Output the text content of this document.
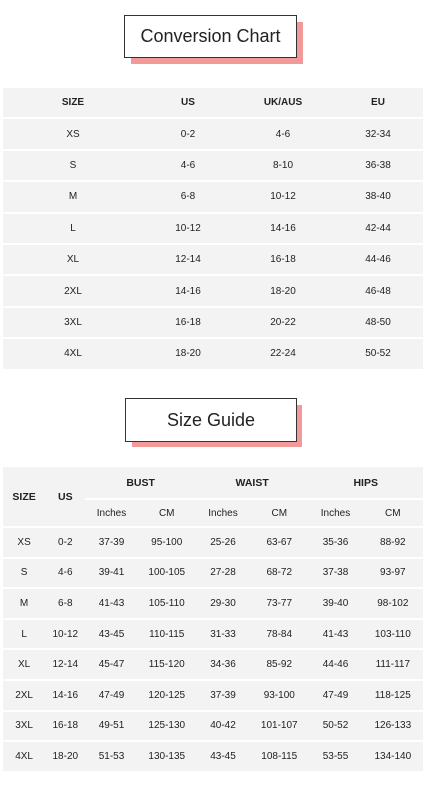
Conversion Chart
SIZE	US	UK/AUS	EU
XS	0-2	4-6	32-34
S	4-6	8-10	36-38
M	6-8	10-12	38-40
L	10-12	14-16	42-44
XL	12-14	16-18	44-46
2XL	14-16	18-20	46-48
3XL	16-18	20-22	48-50
4XL	18-20	22-24	50-52
Size Guide
SIZE	US	BUST		WAIST		HIPS	
		Inches	CM	Inches	CM	Inches	CM
XS	0-2	37-39	95-100	25-26	63-67	35-36	88-92
S	4-6	39-41	100-105	27-28	68-72	37-38	93-97
M	6-8	41-43	105-110	29-30	73-77	39-40	98-102
L	10-12	43-45	110-115	31-33	78-84	41-43	103-110
XL	12-14	45-47	115-120	34-36	85-92	44-46	111-117
2XL	14-16	47-49	120-125	37-39	93-100	47-49	118-125
3XL	16-18	49-51	125-130	40-42	101-107	50-52	126-133
4XL	18-20	51-53	130-135	43-45	108-115	53-55	134-140
